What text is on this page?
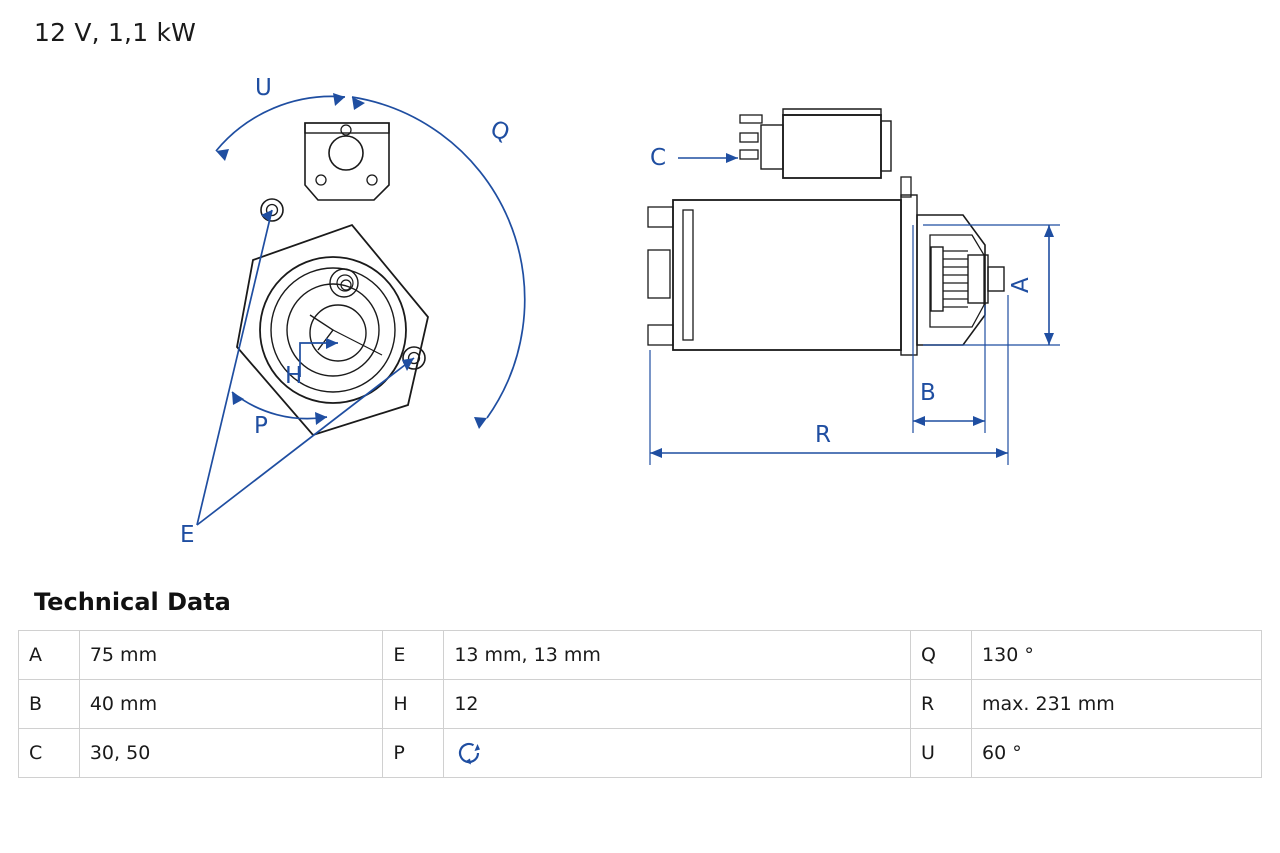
12 V, 1,1 kW
U
Q
H
P
E
C
A
B
R
Technical Data
A	75 mm	E	13 mm, 13 mm	Q	130 °
B	40 mm	H	12	R	max. 231 mm
C	30, 50	P		U	60 °
